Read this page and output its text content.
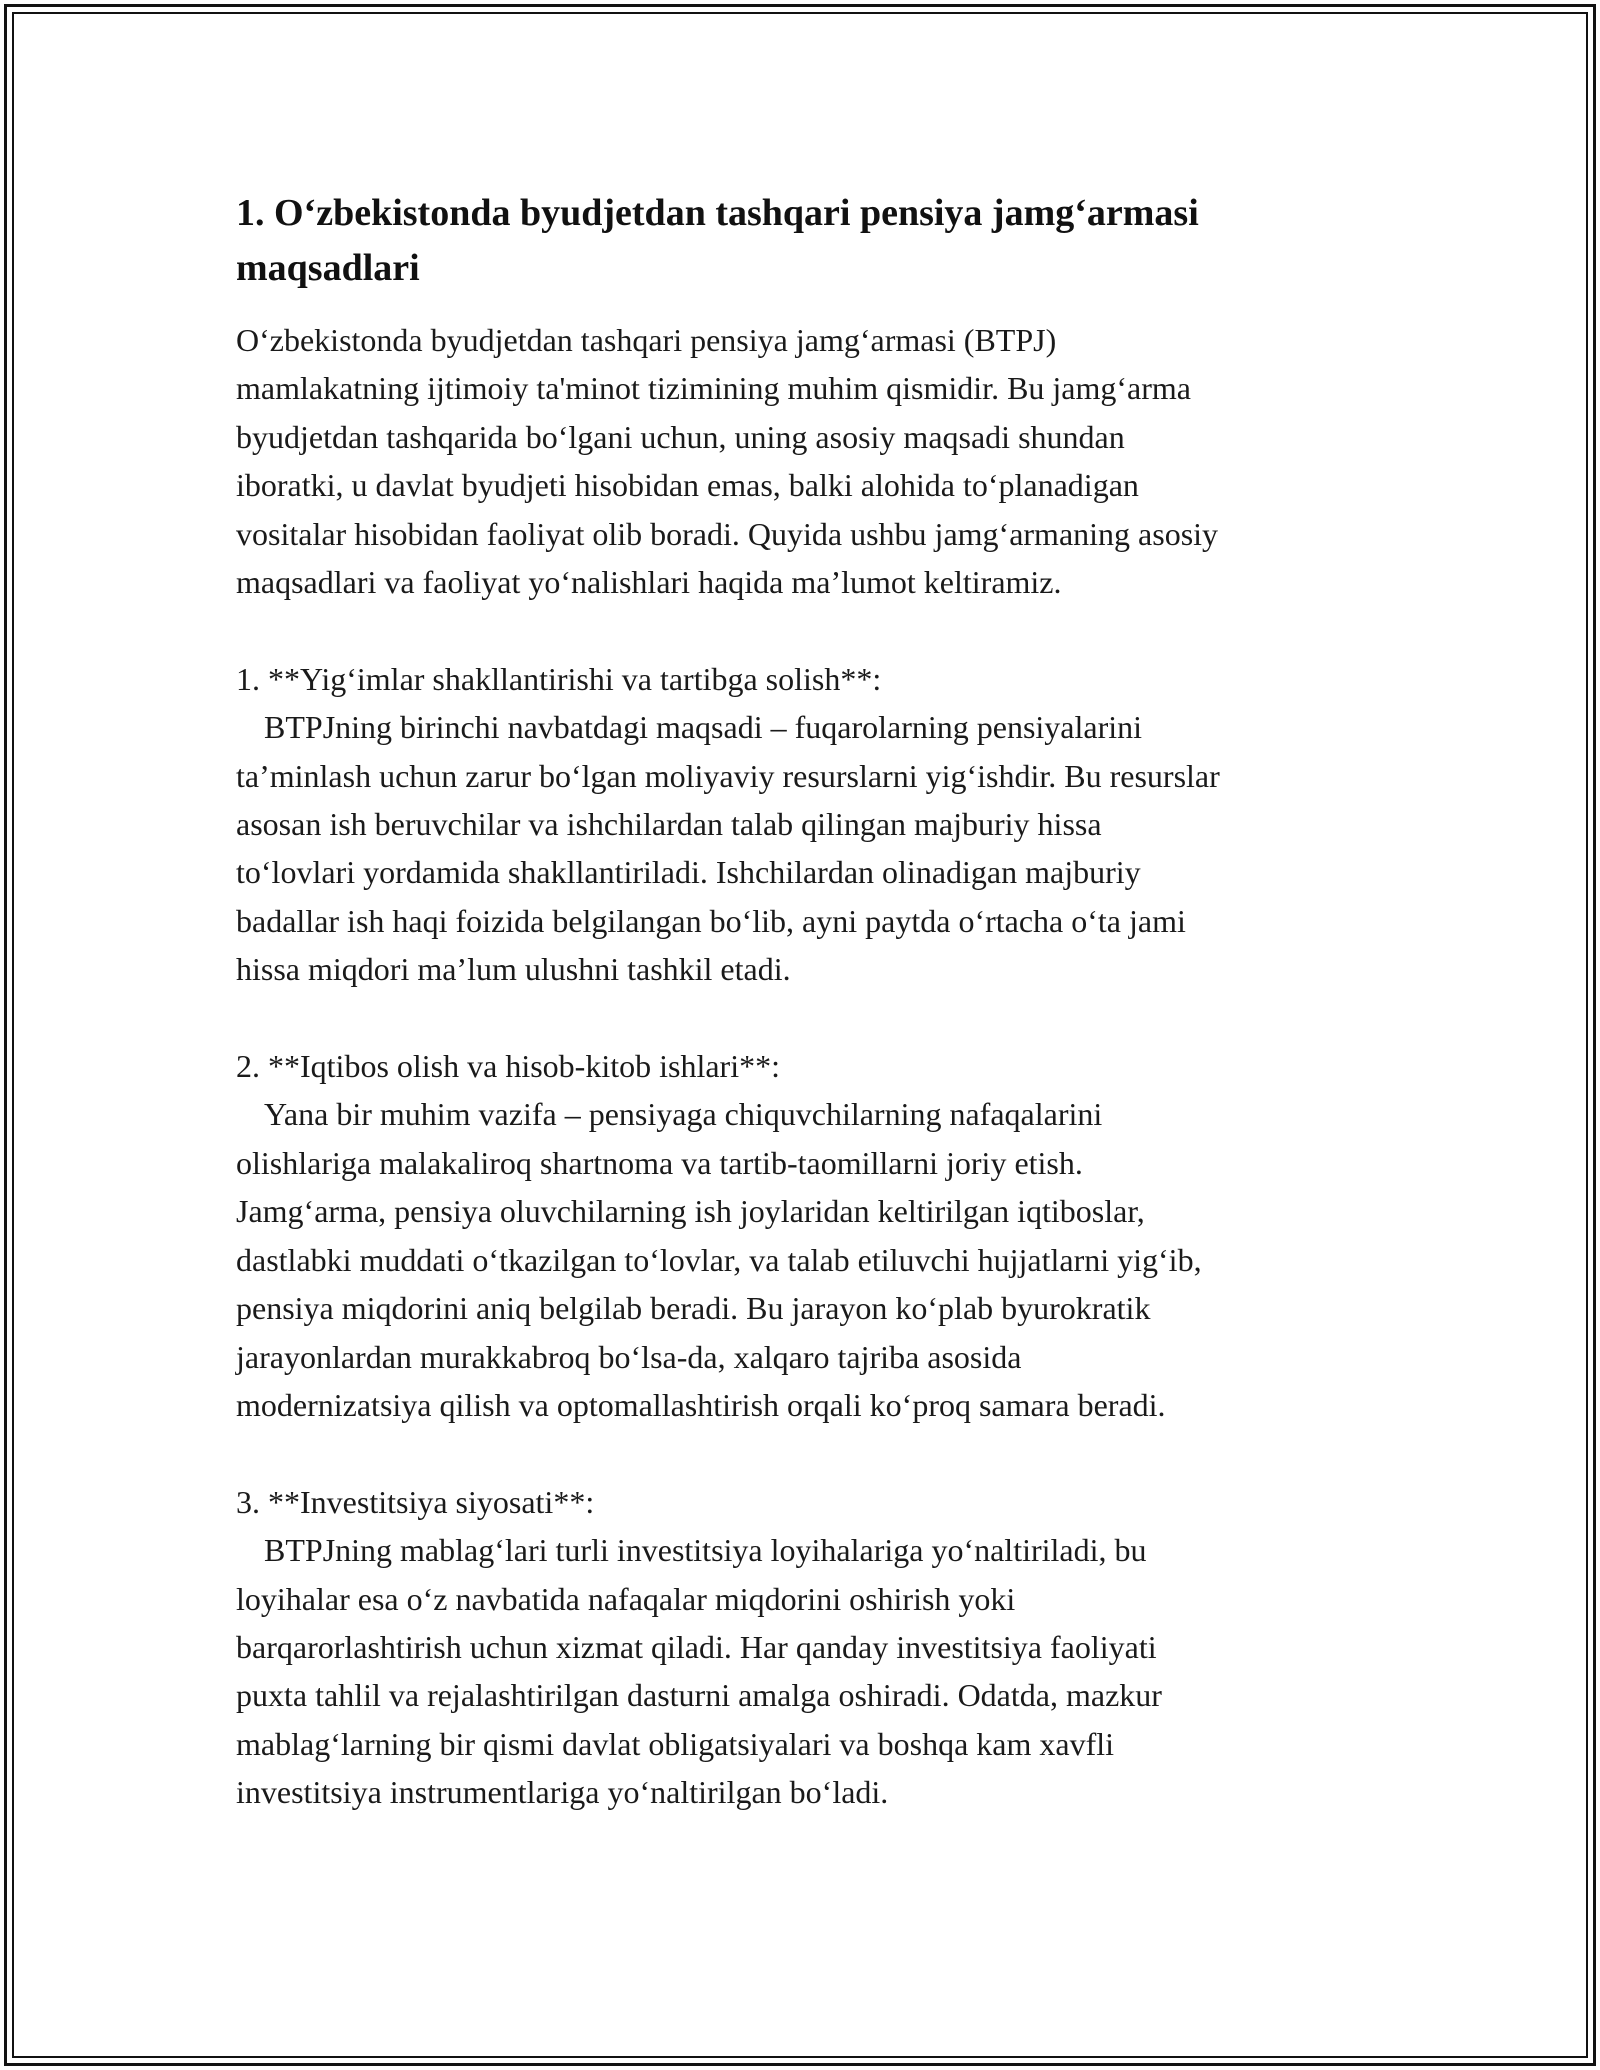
1. O‘zbekistonda byudjetdan tashqari pensiya jamg‘armasi maqsadlari

O‘zbekistonda byudjetdan tashqari pensiya jamg‘armasi (BTPJ)
mamlakatning ijtimoiy ta'minot tizimining muhim qismidir. Bu jamg‘arma
byudjetdan tashqarida bo‘lgani uchun, uning asosiy maqsadi shundan
iboratki, u davlat byudjeti hisobidan emas, balki alohida to‘planadigan
vositalar hisobidan faoliyat olib boradi. Quyida ushbu jamg‘armaning asosiy
maqsadlari va faoliyat yo‘nalishlari haqida ma’lumot keltiramiz.

1. **Yig‘imlar shakllantirishi va tartibga solish**:

BTPJning birinchi navbatdagi maqsadi – fuqarolarning pensiyalarini
ta’minlash uchun zarur bo‘lgan moliyaviy resurslarni yig‘ishdir. Bu resurslar
asosan ish beruvchilar va ishchilardan talab qilingan majburiy hissa
to‘lovlari yordamida shakllantiriladi. Ishchilardan olinadigan majburiy
badallar ish haqi foizida belgilangan bo‘lib, ayni paytda o‘rtacha o‘ta jami
hissa miqdori ma’lum ulushni tashkil etadi.

2. **Iqtibos olish va hisob-kitob ishlari**:

Yana bir muhim vazifa – pensiyaga chiquvchilarning nafaqalarini
olishlariga malakaliroq shartnoma va tartib-taomillarni joriy etish.
Jamg‘arma, pensiya oluvchilarning ish joylaridan keltirilgan iqtiboslar,
dastlabki muddati o‘tkazilgan to‘lovlar, va talab etiluvchi hujjatlarni yig‘ib,
pensiya miqdorini aniq belgilab beradi. Bu jarayon ko‘plab byurokratik
jarayonlardan murakkabroq bo‘lsa-da, xalqaro tajriba asosida
modernizatsiya qilish va optomallashtirish orqali ko‘proq samara beradi.

3. **Investitsiya siyosati**:

BTPJning mablag‘lari turli investitsiya loyihalariga yo‘naltiriladi, bu
loyihalar esa o‘z navbatida nafaqalar miqdorini oshirish yoki
barqarorlashtirish uchun xizmat qiladi. Har qanday investitsiya faoliyati
puxta tahlil va rejalashtirilgan dasturni amalga oshiradi. Odatda, mazkur
mablag‘larning bir qismi davlat obligatsiyalari va boshqa kam xavfli
investitsiya instrumentlariga yo‘naltirilgan bo‘ladi.
